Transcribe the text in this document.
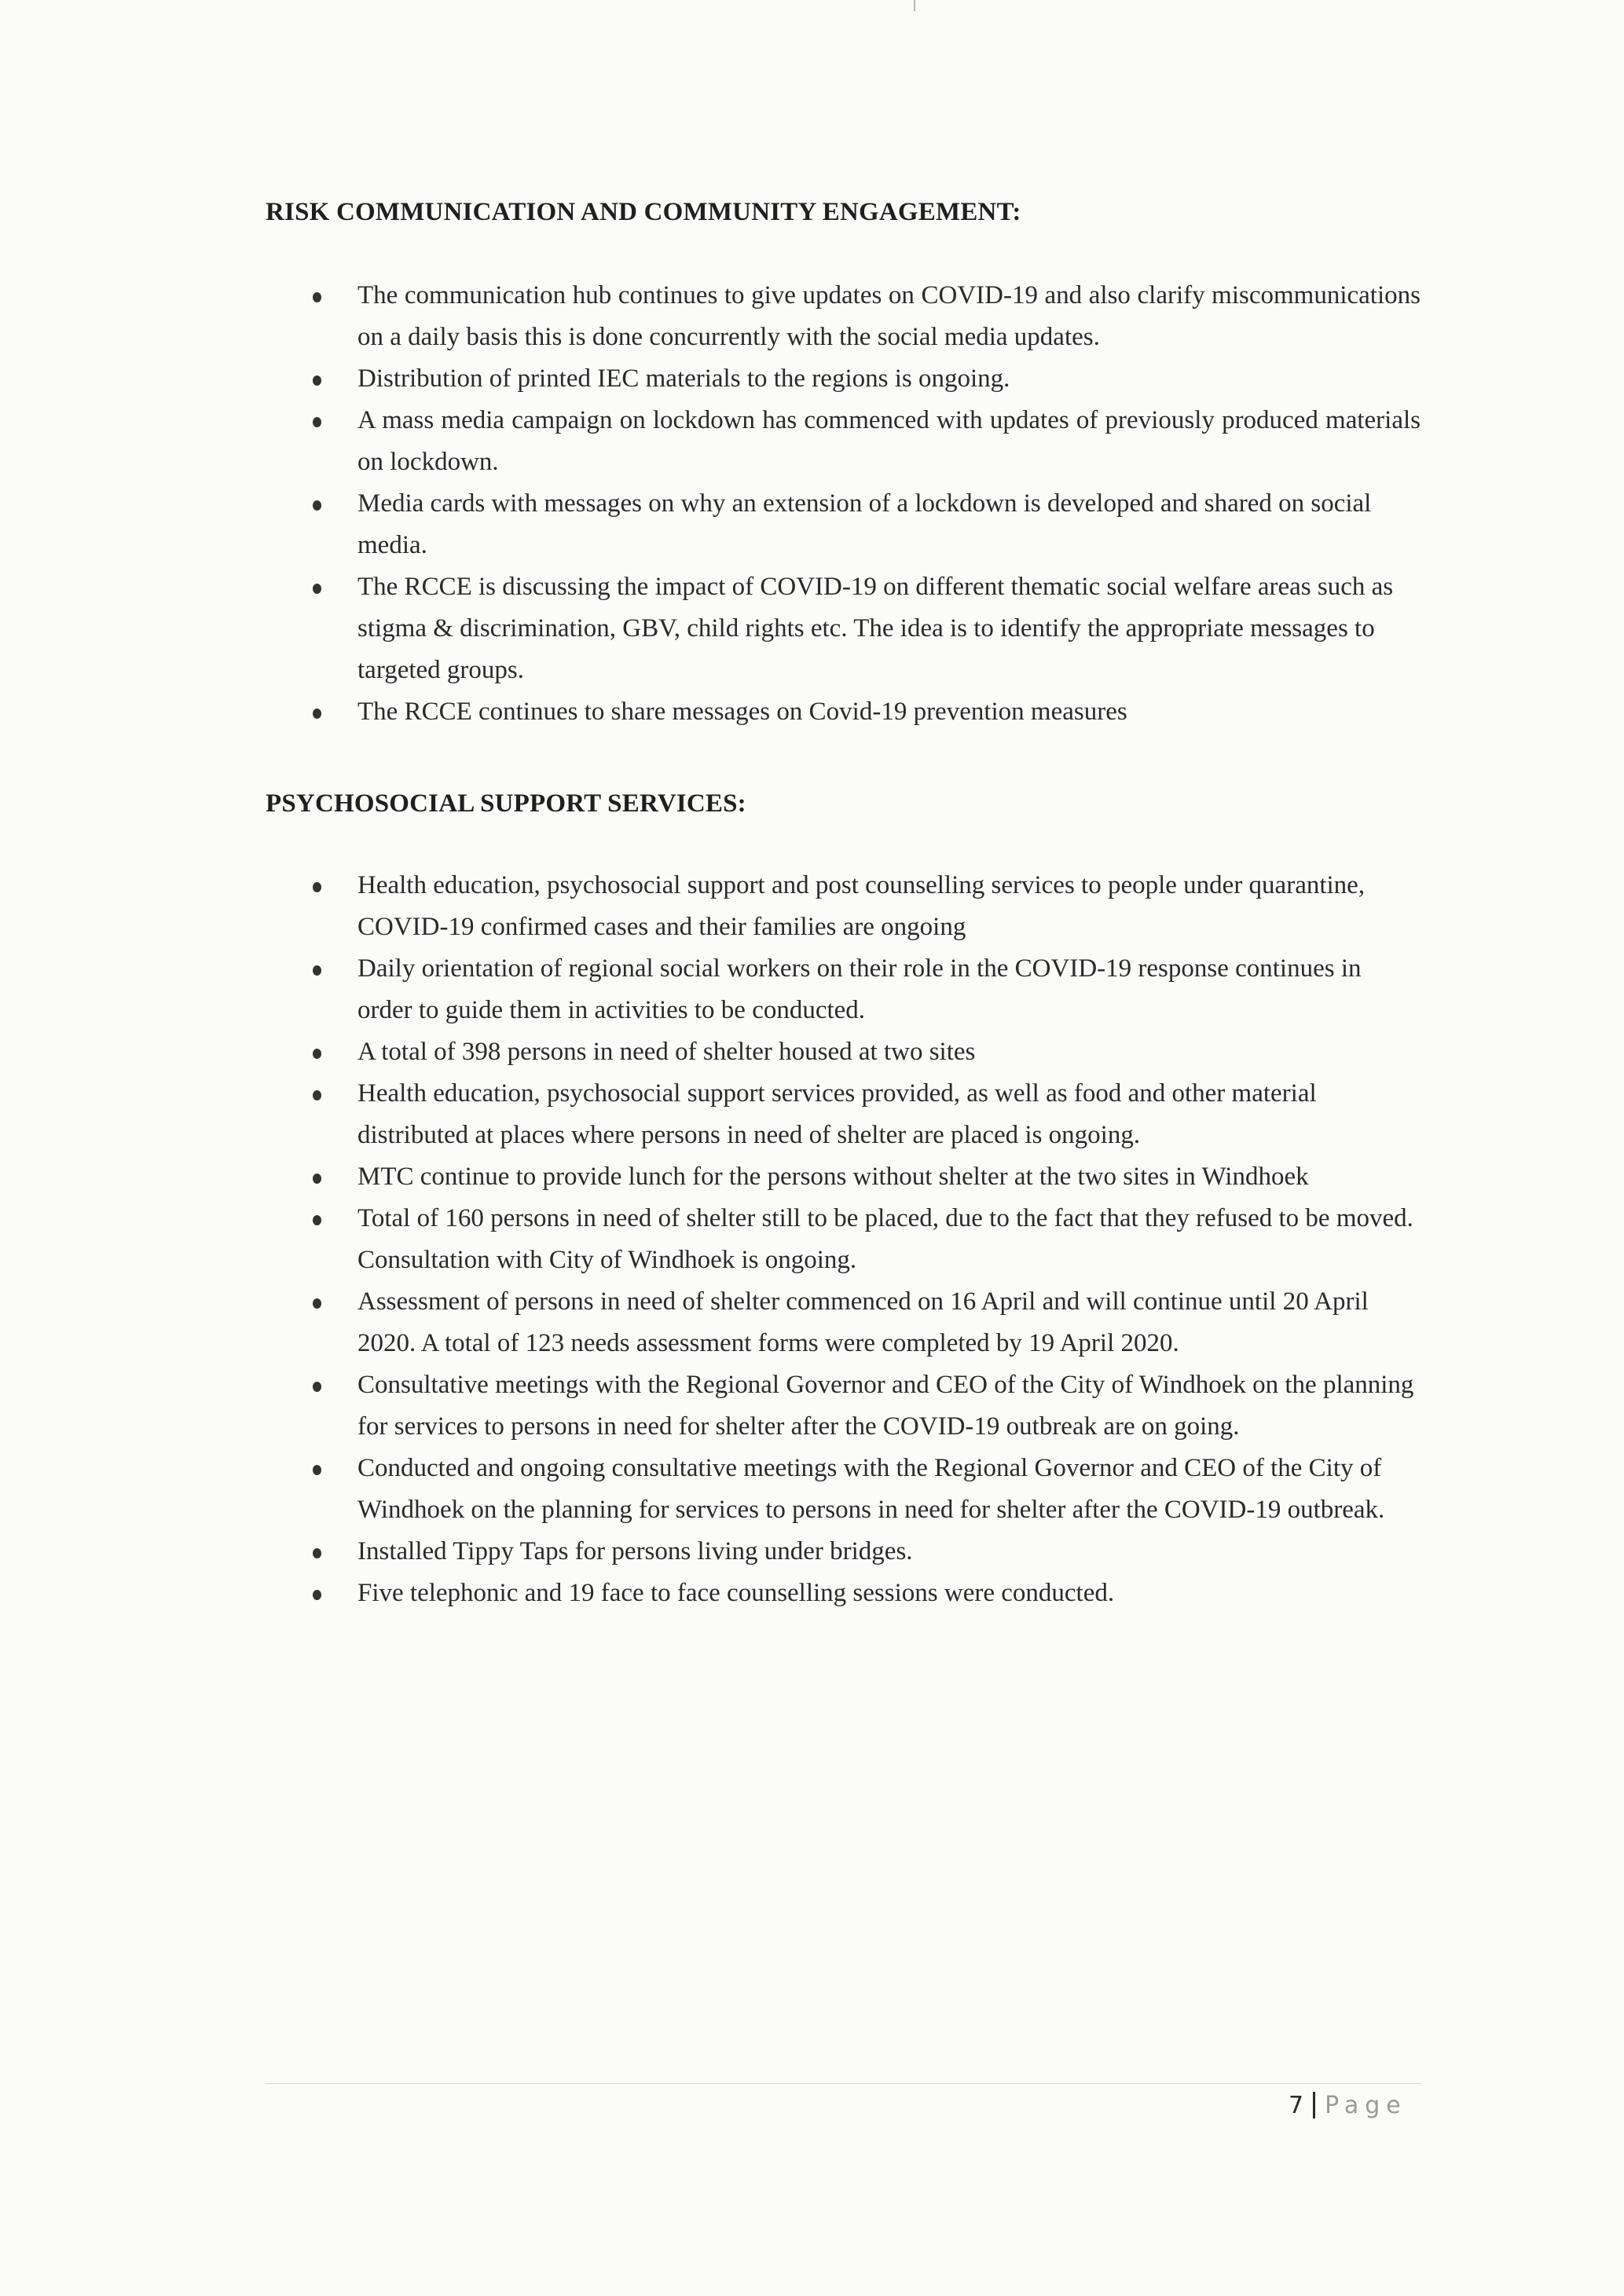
RISK COMMUNICATION AND COMMUNITY ENGAGEMENT:
The communication hub continues to give updates on COVID-19 and also clarify miscommunications on a daily basis this is done concurrently with the social media updates.
Distribution of printed IEC materials to the regions is ongoing.
A mass media campaign on lockdown has commenced with updates of previously produced materials on lockdown.
Media cards with messages on why an extension of a lockdown is developed and shared on social media.
The RCCE is discussing the impact of COVID-19 on different thematic social welfare areas such as stigma & discrimination, GBV, child rights etc. The idea is to identify the appropriate messages to targeted groups.
The RCCE continues to share messages on Covid-19 prevention measures
PSYCHOSOCIAL SUPPORT SERVICES:
Health education, psychosocial support and post counselling services to people under quarantine, COVID-19 confirmed cases and their families are ongoing
Daily orientation of regional social workers on their role in the COVID-19 response continues in order to guide them in activities to be conducted.
A total of 398 persons in need of shelter housed at two sites
Health education, psychosocial support services provided, as well as food and other material distributed at places where persons in need of shelter are placed is ongoing.
MTC continue to provide lunch for the persons without shelter at the two sites in Windhoek
Total of 160 persons in need of shelter still to be placed, due to the fact that they refused to be moved. Consultation with City of Windhoek is ongoing.
Assessment of persons in need of shelter commenced on 16 April and will continue until 20 April 2020. A total of 123 needs assessment forms were completed by 19 April 2020.
Consultative meetings with the Regional Governor and CEO of the City of Windhoek on the planning for services to persons in need for shelter after the COVID-19 outbreak are on going.
Conducted and ongoing consultative meetings with the Regional Governor and CEO of the City of Windhoek on the planning for services to persons in need for shelter after the COVID-19 outbreak.
Installed Tippy Taps for persons living under bridges.
Five telephonic and 19 face to face counselling sessions were conducted.
7 Page
